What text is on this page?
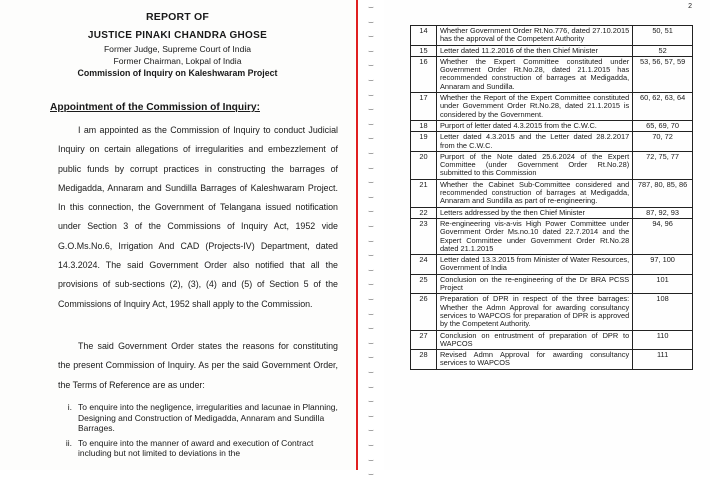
REPORT OF
JUSTICE PINAKI CHANDRA GHOSE
Former Judge, Supreme Court of India
Former Chairman, Lokpal of India
Commission of Inquiry on Kaleshwaram Project
Appointment of the Commission of Inquiry:

I am appointed as the Commission of Inquiry to conduct Judicial Inquiry on certain allegations of irregularities and embezzlement of public funds by corrupt practices in constructing the barrages of Medigadda, Annaram and Sundilla Barrages of Kaleshwaram Project. In this connection, the Government of Telangana issued notification under Section 3 of the Commissions of Inquiry Act, 1952 vide G.O.Ms.No.6, Irrigation And CAD (Projects-IV) Department, dated 14.3.2024. The said Government Order also notified that all the provisions of sub-sections (2), (3), (4) and (5) of Section 5 of the Commissions of Inquiry Act, 1952 shall apply to the Commission.

The said Government Order states the reasons for constituting the present Commission of Inquiry. As per the said Government Order, the Terms of Reference are as under:

i. To enquire into the negligence, irregularities and lacunae in Planning, Designing and Construction of Medigadda, Annaram and Sundilla Barrages.
ii. To enquire into the manner of award and execution of Contract including but not limited to deviations in the
⌣
⌣
⌣
⌣
⌣
⌣
⌣
⌣
⌣
⌣
⌣
⌣
⌣
⌣
⌣
⌣
⌣
⌣
⌣
⌣
⌣
⌣
⌣
⌣
⌣
⌣
⌣
⌣
⌣
⌣
⌣
⌣
⌣
2
14	Whether Government Order Rt.No.776, dated 27.10.2015 has the approval of the Competent Authority	50, 51
15	Letter dated 11.2.2016 of the then Chief Minister	52
16	Whether the Expert Committee constituted under Government Order Rt.No.28, dated 21.1.2015 has recommended construction of barrages at Medigadda, Annaram and Sundilla.	53, 56, 57, 59
17	Whether the Report of the Expert Committee constituted under Government Order Rt.No.28, dated 21.1.2015 is considered by the Government.	60, 62, 63, 64
18	Purport of letter dated 4.3.2015 from the C.W.C.	65, 69, 70
19	Letter dated 4.3.2015 and the Letter dated 28.2.2017 from the C.W.C.	70, 72
20	Purport of the Note dated 25.6.2024 of the Expert Committee (under Government Order Rt.No.28) submitted to this Commission	72, 75, 77
21	Whether the Cabinet Sub-Committee considered and recommended construction of barrages at Medigadda, Annaram and Sundilla as part of re-engineering.	787, 80, 85, 86
22	Letters addressed by the then Chief Minister	87, 92, 93
23	Re-engineering vis-a-vis High Power Committee under Government Order Ms.no.10 dated 22.7.2014 and the Expert Committee under Government Order Rt.No.28 dated 21.1.2015	94, 96
24	Letter dated 13.3.2015 from Minister of Water Resources, Government of India	97, 100
25	Conclusion on the re-engineering of the Dr BRA PCSS Project	101
26	Preparation of DPR in respect of the three barrages: Whether the Admn Approval for awarding consultancy services to WAPCOS for preparation of DPR is approved by the Competent Authority.	108
27	Conclusion on entrustment of preparation of DPR to WAPCOS	110
28	Revised Admn Approval for awarding consultancy services to WAPCOS	111
